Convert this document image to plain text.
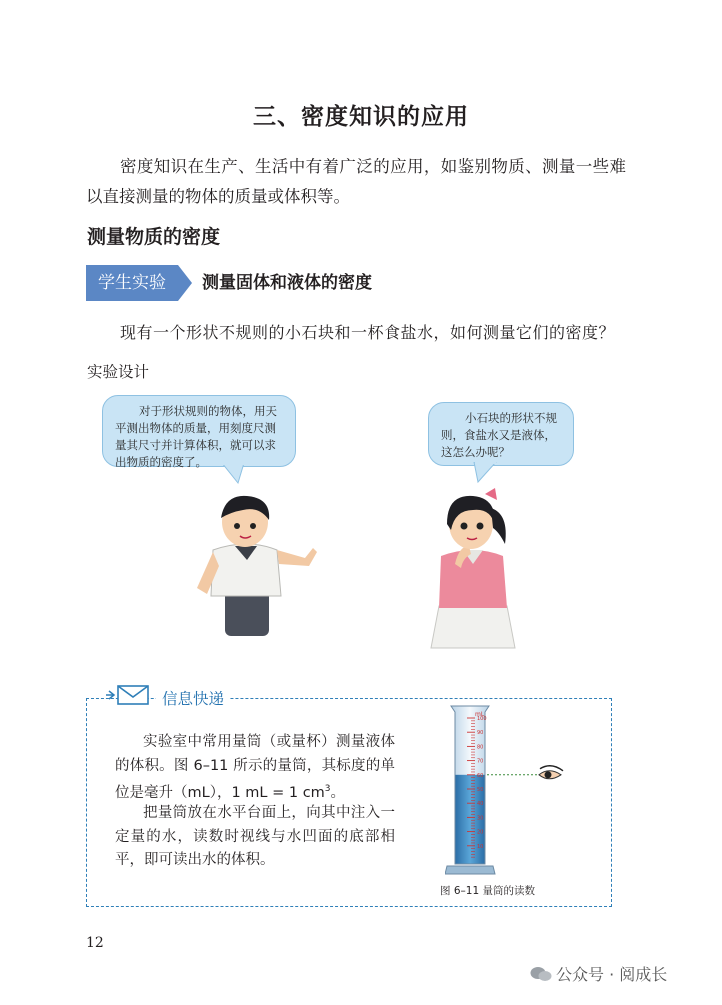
三、密度知识的应用
密度知识在生产、生活中有着广泛的应用，如鉴别物质、测量一些难以直接测量的物体的质量或体积等。
测量物质的密度
学生实验	测量固体和液体的密度
现有一个形状不规则的小石块和一杯食盐水，如何测量它们的密度？
实验设计
对于形状规则的物体，用天平测出物体的质量，用刻度尺测量其尺寸并计算体积，就可以求出物质的密度了。
小石块的形状不规则，食盐水又是液体，这怎么办呢？
信息快递
实验室中常用量筒（或量杯）测量液体的体积。图 6–11 所示的量筒，其标度的单位是毫升（mL），1 mL = 1 $cm^3$。
把量筒放在水平台面上，向其中注入一定量的水，读数时视线与水凹面的底部相平，即可读出水的体积。
100
90
80
70
60
50
40
30
20
10
mL
图 6–11 量筒的读数
12
公众号 · 阅成长
